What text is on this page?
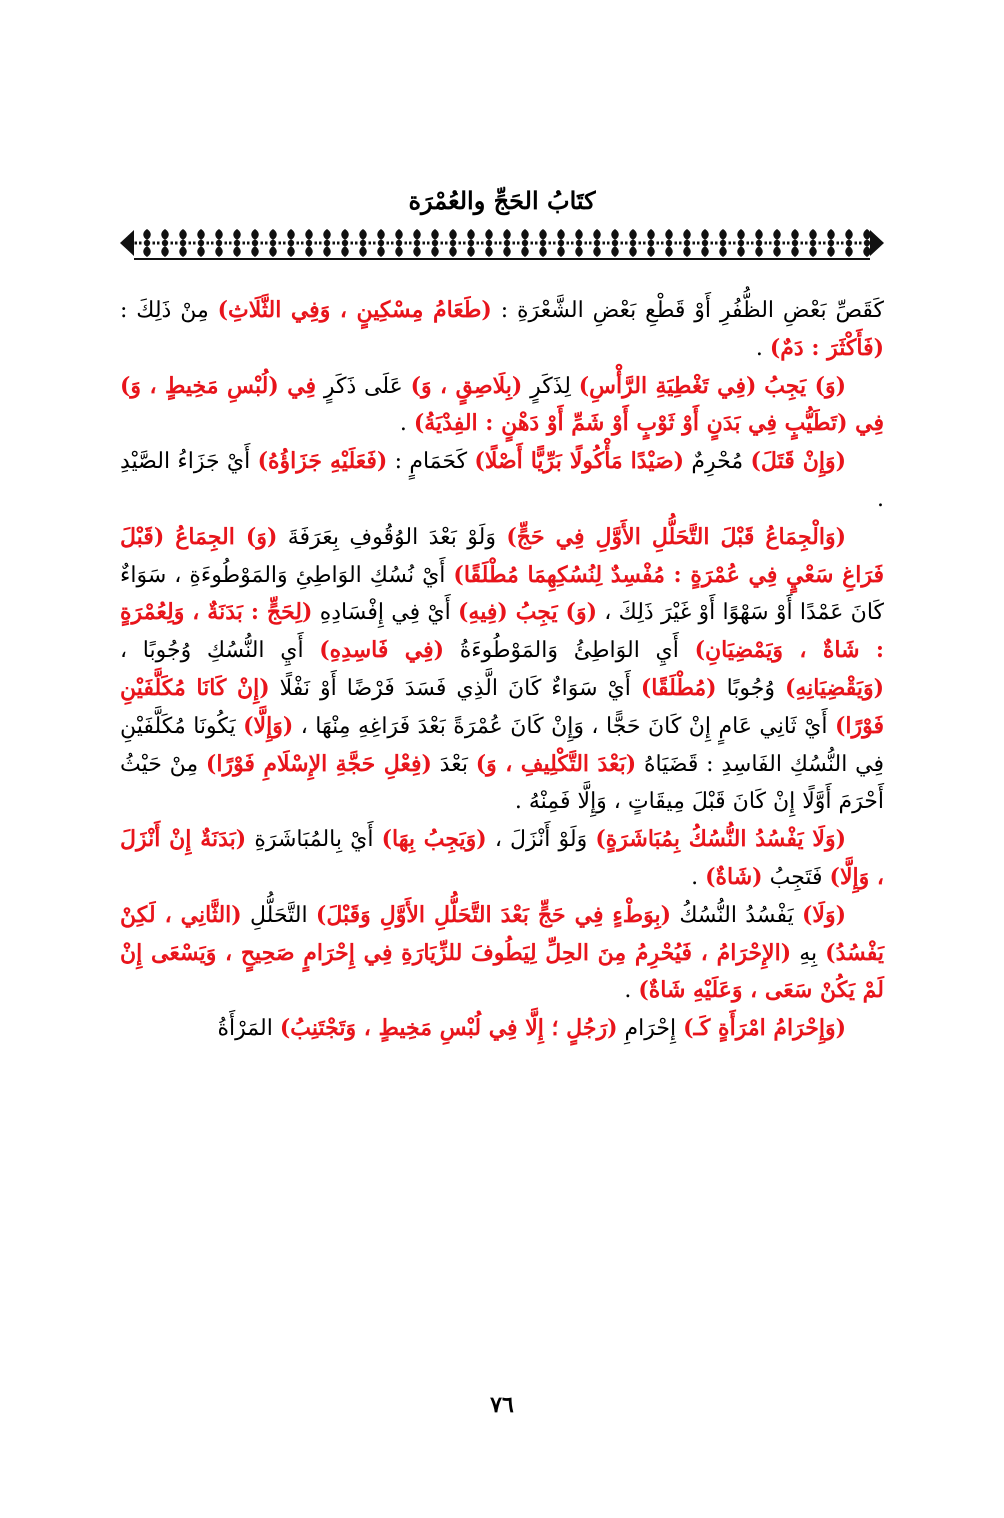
كتَابُ الحَجِّ والعُمْرَة
كَقَصِّ بَعْضِ الظُّفُرِ أَوْ قَطْعِ بَعْضِ الشَّعْرَةِ : (طَعَامُ مِسْكِينٍ ، وَفِي الثَّلَاثِ) مِنْ ذَلِكَ : (فَأَكْثَرَ : دَمٌ) .
(وَ) يَجِبُ (فِي تَغْطِيَةِ الرَّأْسِ) لِذَكَرٍ (بِلَاصِقٍ ، وَ) عَلَى ذَكَرٍ فِي (لُبْسِ مَخِيطٍ ، وَ) فِي (تَطَيُّبٍ فِي بَدَنٍ أَوْ ثَوْبٍ أَوْ شَمِّ أَوْ دَهْنٍ : الفِدْيَةُ) .
(وَإِنْ قَتَلَ) مُحْرِمٌ (صَيْدًا مَأْكُولًا بَرِّيًّا أَصْلًا) كَحَمَامٍ : (فَعَلَيْهِ جَزَاؤُهُ) أَيْ جَزَاءُ الصَّيْدِ .
(وَالْجِمَاعُ قَبْلَ التَّحَلُّلِ الأَوَّلِ فِي حَجٍّ) وَلَوْ بَعْدَ الوُقُوفِ بِعَرَفَةَ (وَ) الجِمَاعُ (قَبْلَ فَرَاغِ سَعْيٍ فِي عُمْرَةٍ : مُفْسِدٌ لِنُسُكِهِمَا مُطْلَقًا) أَيْ نُسُكِ الوَاطِئِ وَالمَوْطُوءَةِ ، سَوَاءٌ كَانَ عَمْدًا أَوْ سَهْوًا أَوْ غَيْرَ ذَلِكَ ، (وَ) يَجِبُ (فِيهِ) أَيْ فِي إِفْسَادِهِ (لِحَجٍّ : بَدَنَةٌ ، وَلِعُمْرَةٍ : شَاةٌ ، وَيَمْضِيَانِ) أَيِ الوَاطِئُ وَالمَوْطُوءَةُ (فِي فَاسِدِهِ) أَيِ النُّسُكِ وُجُوبًا ، (وَيَقْضِيَانِهِ) وُجُوبًا (مُطْلَقًا) أَيْ سَوَاءٌ كَانَ الَّذِي فَسَدَ فَرْضًا أَوْ نَفْلًا (إِنْ كَانَا مُكَلَّفَيْنِ فَوْرًا) أَيْ ثَانِي عَامٍ إِنْ كَانَ حَجًّا ، وَإِنْ كَانَ عُمْرَةً بَعْدَ فَرَاغِهِ مِنْهَا ، (وَإِلَّا) يَكُونَا مُكَلَّفَيْنِ فِي النُّسُكِ الفَاسِدِ : قَضَيَاهُ (بَعْدَ التَّكْلِيفِ ، وَ) بَعْدَ (فِعْلِ حَجَّةِ الإِسْلَامِ فَوْرًا) مِنْ حَيْثُ أَحْرَمَ أَوَّلًا إِنْ كَانَ قَبْلَ مِيقَاتٍ ، وَإِلَّا فَمِنْهُ .
(وَلَا يَفْسُدُ النُّسُكُ بِمُبَاشَرَةٍ) وَلَوْ أَنْزَلَ ، (وَيَجِبُ بِهَا) أَيْ بِالمُبَاشَرَةِ (بَدَنَةٌ إِنْ أَنْزَلَ ، وَإِلَّا) فَتَجِبُ (شَاةٌ) .
(وَلَا) يَفْسُدُ النُّسُكُ (بِوَطْءٍ فِي حَجٍّ بَعْدَ التَّحَلُّلِ الأَوَّلِ وَقَبْلَ) التَّحَلُّلِ (الثَّانِي ، لَكِنْ يَفْسُدُ) بِهِ (الإِحْرَامُ ، فَيُحْرِمُ مِنَ الحِلِّ لِيَطُوفَ للزِّيَارَةِ فِي إِحْرَامٍ صَحِيحٍ ، وَيَسْعَى إِنْ لَمْ يَكُنْ سَعَى ، وَعَلَيْهِ شَاةٌ) .
(وَإِحْرَامُ امْرَأَةٍ كَـ) إِحْرَامِ (رَجُلٍ ؛ إِلَّا فِي لُبْسِ مَخِيطٍ ، وَتَجْتَنِبُ) المَرْأَةُ
٧٦
